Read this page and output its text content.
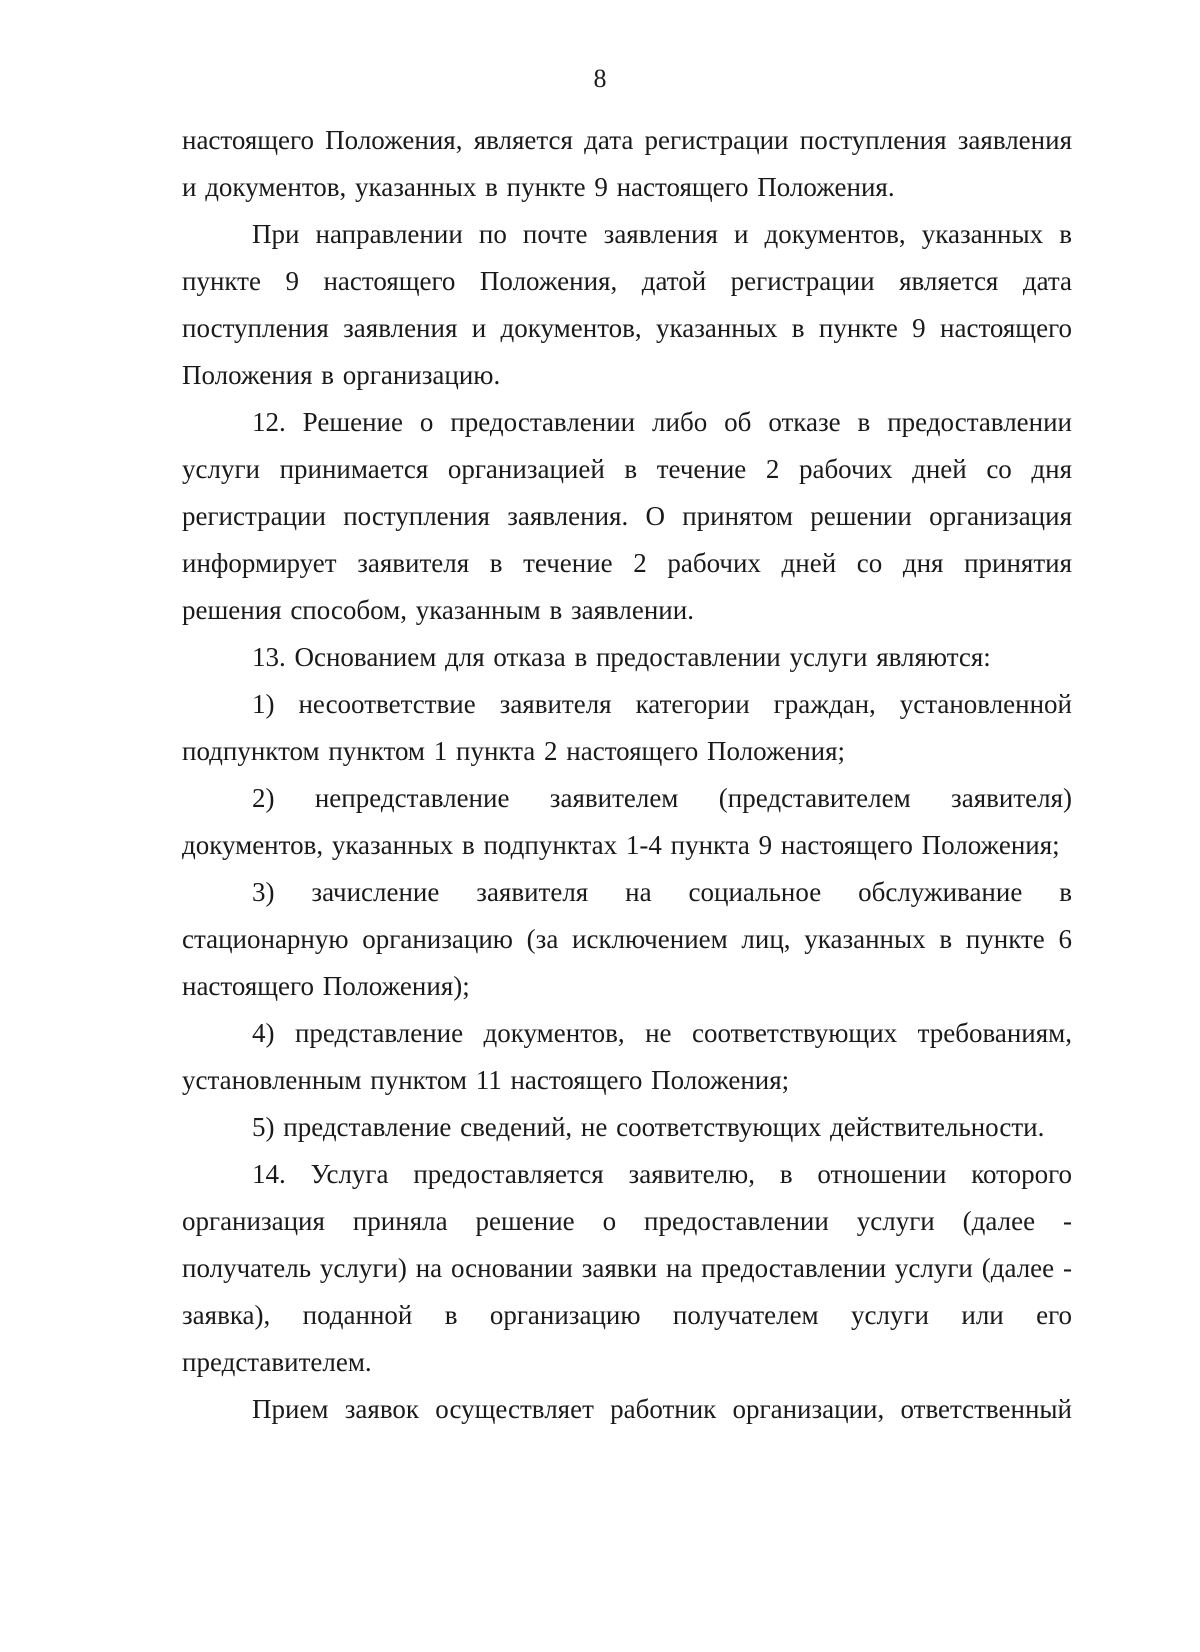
8

настоящего Положения, является дата регистрации поступления заявления и документов, указанных в пункте 9 настоящего Положения.

При направлении по почте заявления и документов, указанных в пункте 9 настоящего Положения, датой регистрации является дата поступления заявления и документов, указанных в пункте 9 настоящего Положения в организацию.

12. Решение о предоставлении либо об отказе в предоставлении услуги принимается организацией в течение 2 рабочих дней со дня регистрации поступления заявления. О принятом решении организация информирует заявителя в течение 2 рабочих дней со дня принятия решения способом, указанным в заявлении.

13. Основанием для отказа в предоставлении услуги являются:

1) несоответствие заявителя категории граждан, установленной подпунктом пунктом 1 пункта 2 настоящего Положения;

2) непредставление заявителем (представителем заявителя) документов, указанных в подпунктах 1-4 пункта 9 настоящего Положения;

3) зачисление заявителя на социальное обслуживание в стационарную организацию (за исключением лиц, указанных в пункте 6 настоящего Положения);

4) представление документов, не соответствующих требованиям, установленным пунктом 11 настоящего Положения;

5) представление сведений, не соответствующих действительности.

14. Услуга предоставляется заявителю, в отношении которого организация приняла решение о предоставлении услуги (далее - получатель услуги) на основании заявки на предоставлении услуги (далее - заявка), поданной в организацию получателем услуги или его представителем.

Прием заявок осуществляет работник организации, ответственный
